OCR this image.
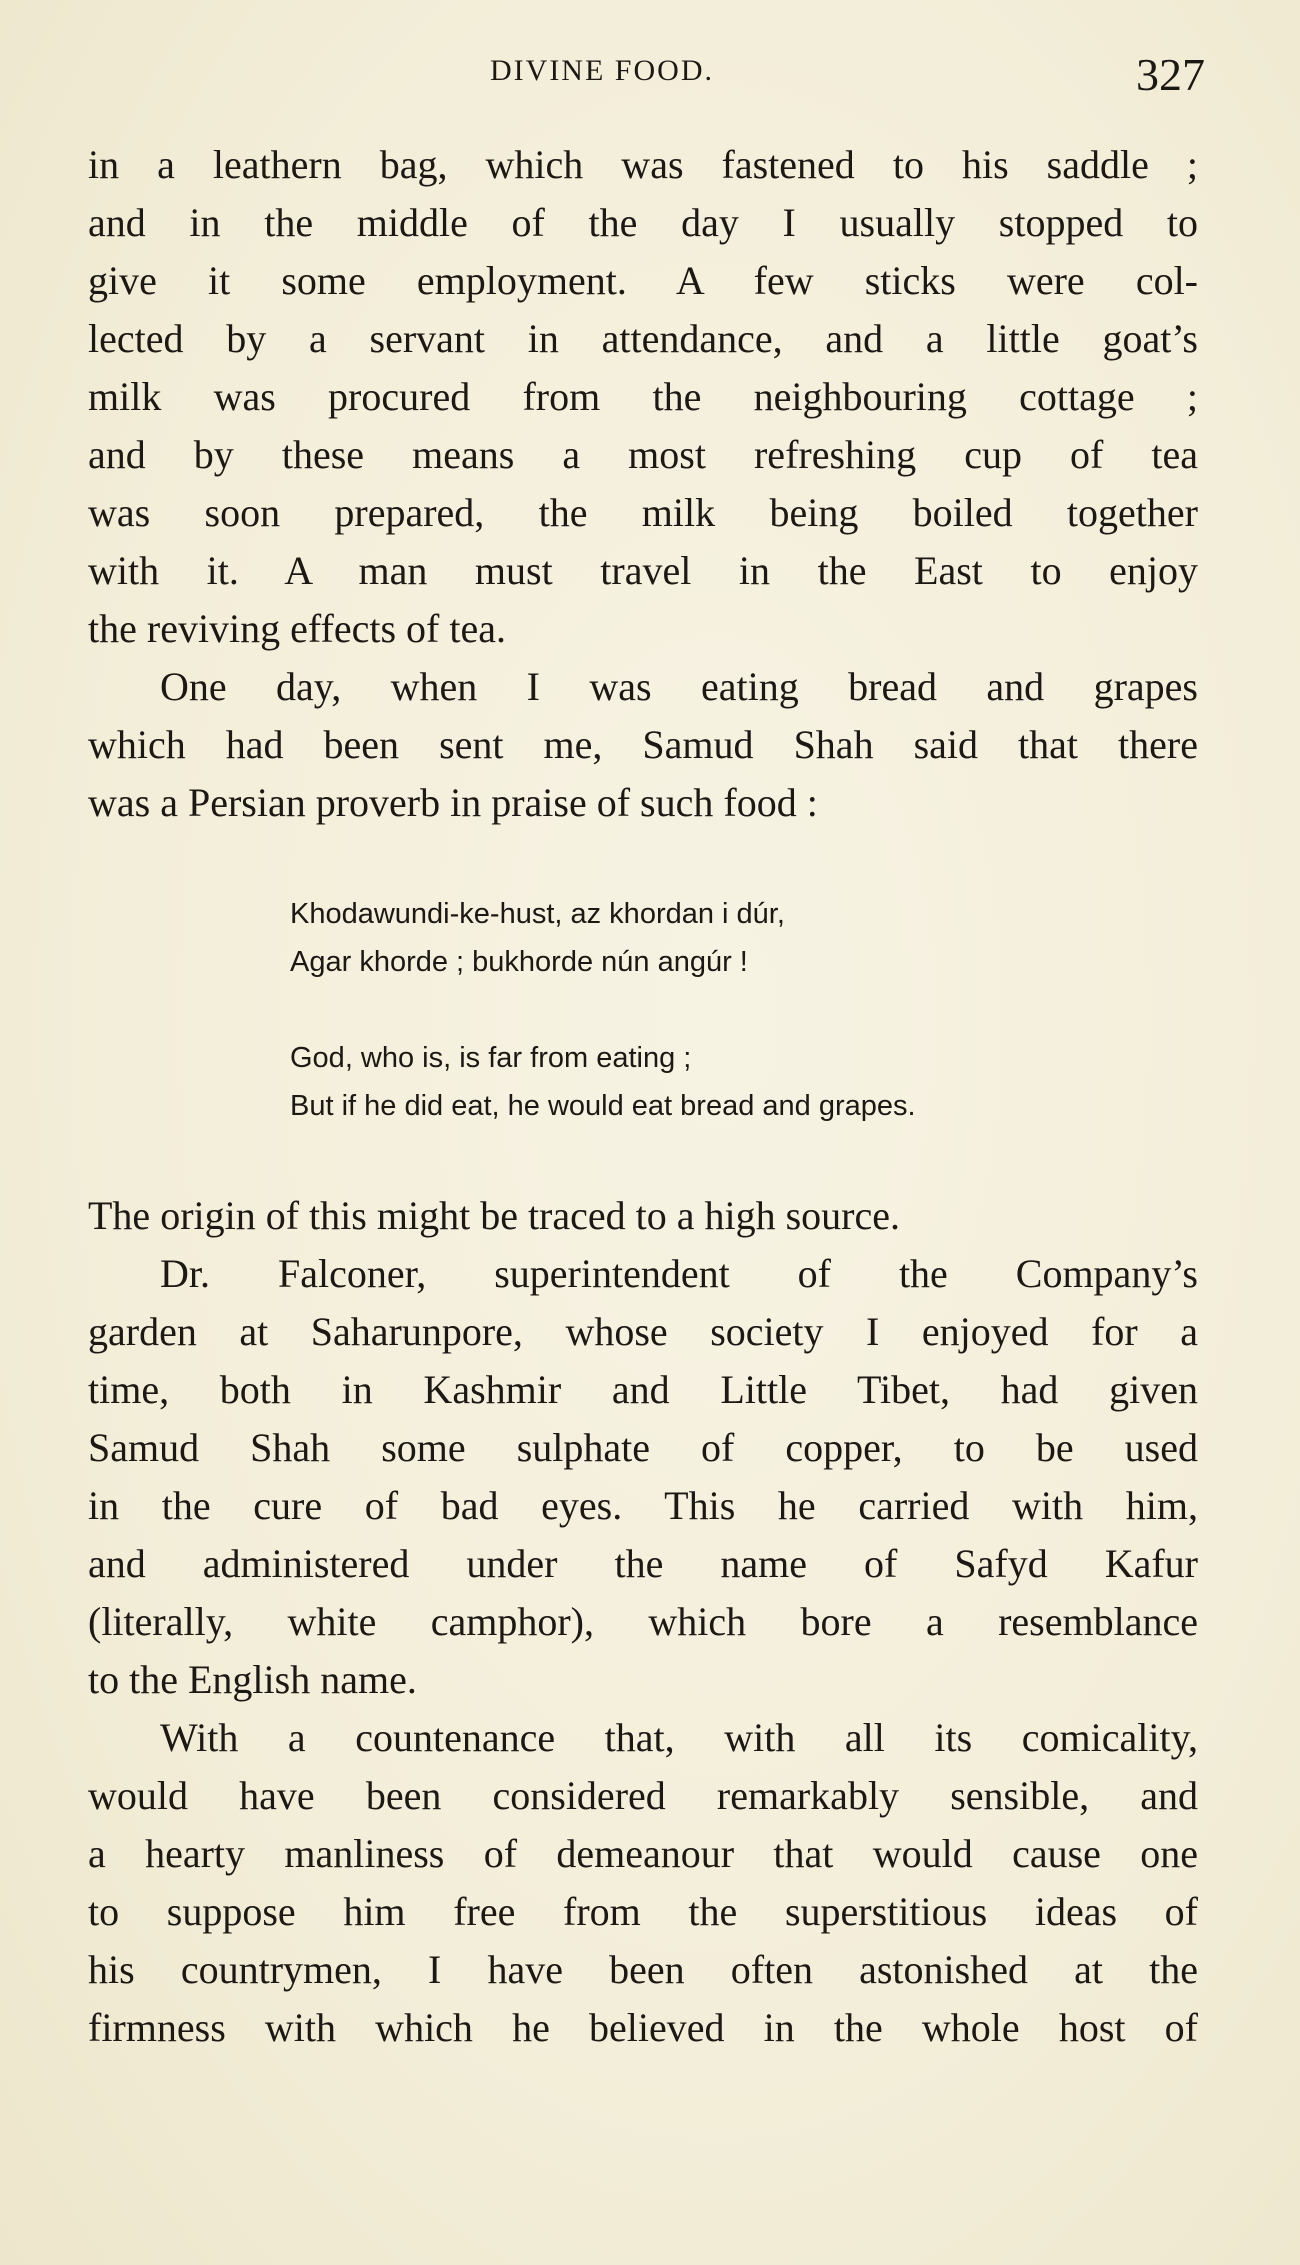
DIVINE FOOD.	327
in a leathern bag, which was fastened to his saddle ;
and in the middle of the day I usually stopped to
give it some employment. A few sticks were col-
lected by a servant in attendance, and a little goat’s
milk was procured from the neighbouring cottage ;
and by these means a most refreshing cup of tea
was soon prepared, the milk being boiled together
with it. A man must travel in the East to enjoy
the reviving effects of tea.
One day, when I was eating bread and grapes
which had been sent me, Samud Shah said that there
was a Persian proverb in praise of such food :
Khodawundi-ke-hust, az khordan i dúr,
Agar khorde ; bukhorde nún angúr !
God, who is, is far from eating ;
But if he did eat, he would eat bread and grapes.
The origin of this might be traced to a high source.
Dr. Falconer, superintendent of the Company’s
garden at Saharunpore, whose society I enjoyed for a
time, both in Kashmir and Little Tibet, had given
Samud Shah some sulphate of copper, to be used
in the cure of bad eyes. This he carried with him,
and administered under the name of Safyd Kafur
(literally, white camphor), which bore a resemblance
to the English name.
With a countenance that, with all its comicality,
would have been considered remarkably sensible, and
a hearty manliness of demeanour that would cause one
to suppose him free from the superstitious ideas of
his countrymen, I have been often astonished at the
firmness with which he believed in the whole host of
